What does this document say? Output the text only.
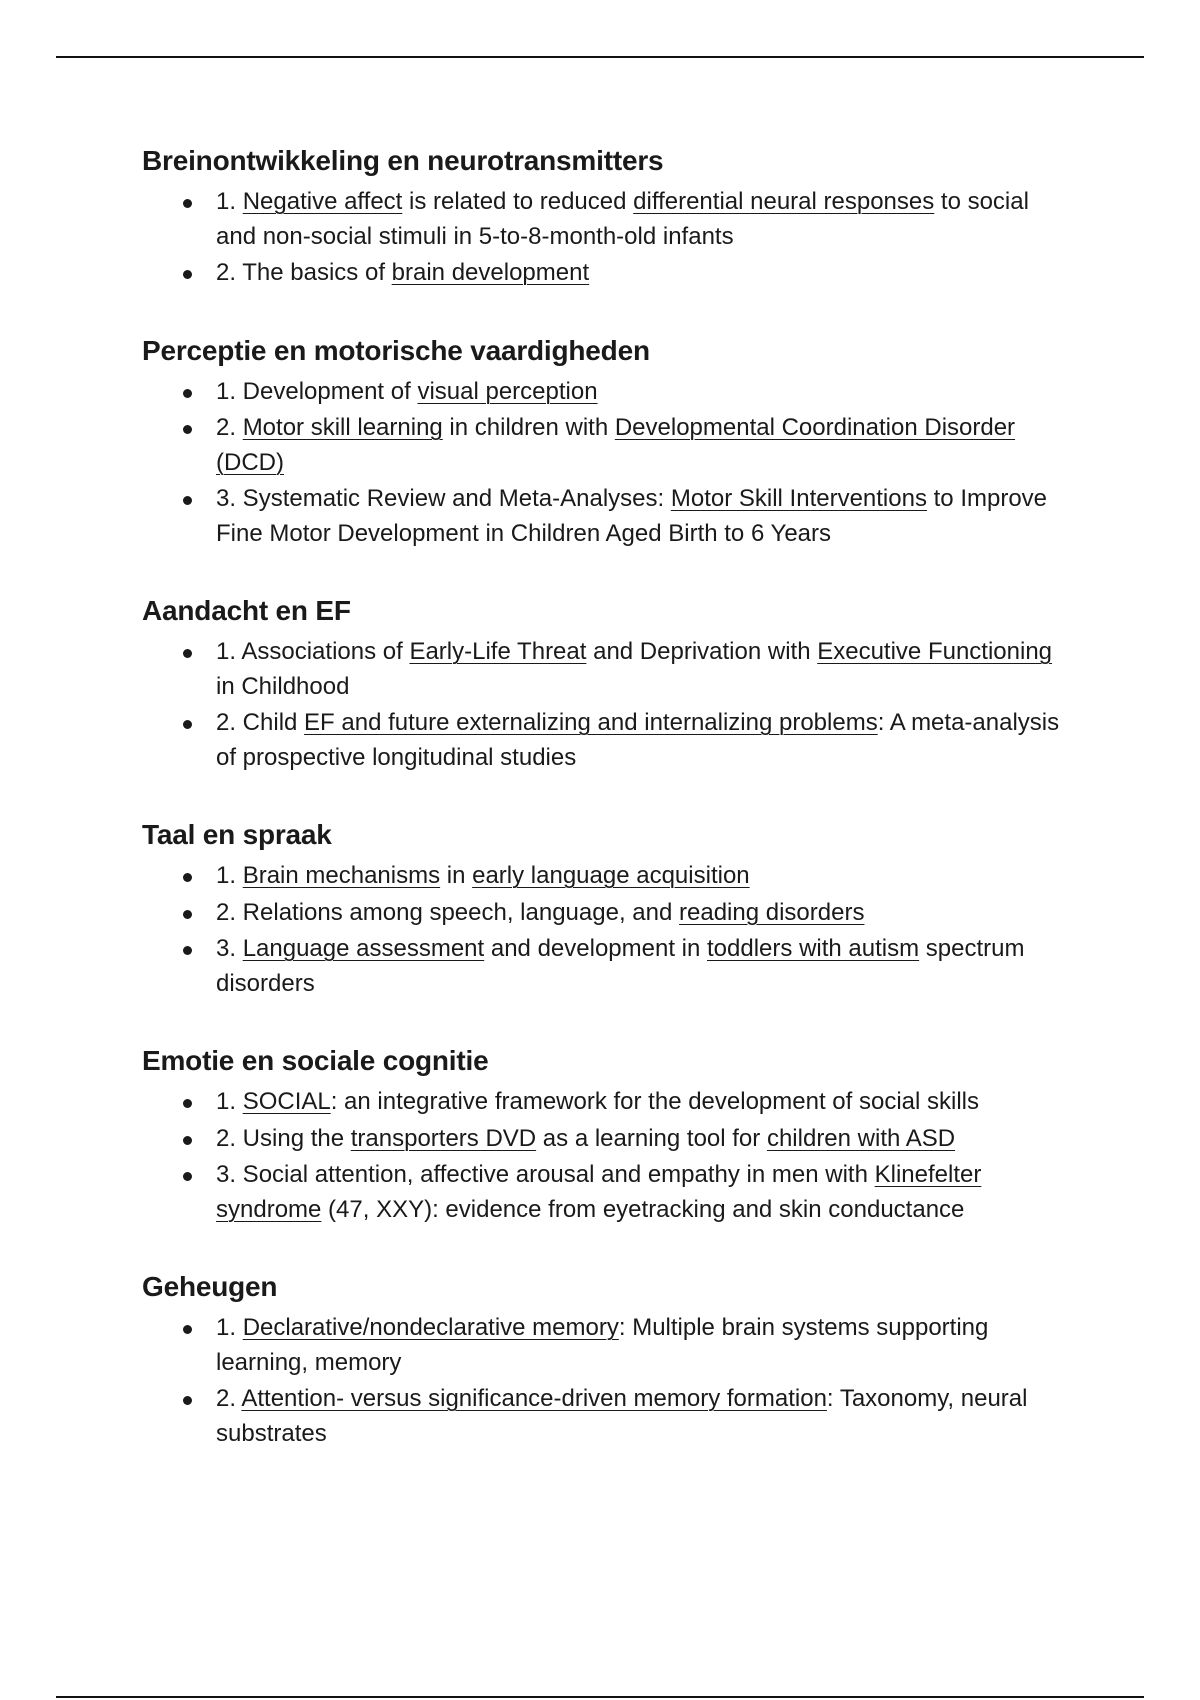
Breinontwikkeling en neurotransmitters
1. Negative affect is related to reduced differential neural responses to social and non-social stimuli in 5-to-8-month-old infants
2. The basics of brain development
Perceptie en motorische vaardigheden
1. Development of visual perception
2. Motor skill learning in children with Developmental Coordination Disorder (DCD)
3. Systematic Review and Meta-Analyses: Motor Skill Interventions to Improve Fine Motor Development in Children Aged Birth to 6 Years
Aandacht en EF
1. Associations of Early-Life Threat and Deprivation with Executive Functioning in Childhood
2. Child EF and future externalizing and internalizing problems: A meta-analysis of prospective longitudinal studies
Taal en spraak
1. Brain mechanisms in early language acquisition
2. Relations among speech, language, and reading disorders
3. Language assessment and development in toddlers with autism spectrum disorders
Emotie en sociale cognitie
1. SOCIAL: an integrative framework for the development of social skills
2. Using the transporters DVD as a learning tool for children with ASD
3. Social attention, affective arousal and empathy in men with Klinefelter syndrome (47, XXY): evidence from eyetracking and skin conductance
Geheugen
1. Declarative/nondeclarative memory: Multiple brain systems supporting learning, memory
2. Attention- versus significance-driven memory formation: Taxonomy, neural substrates
